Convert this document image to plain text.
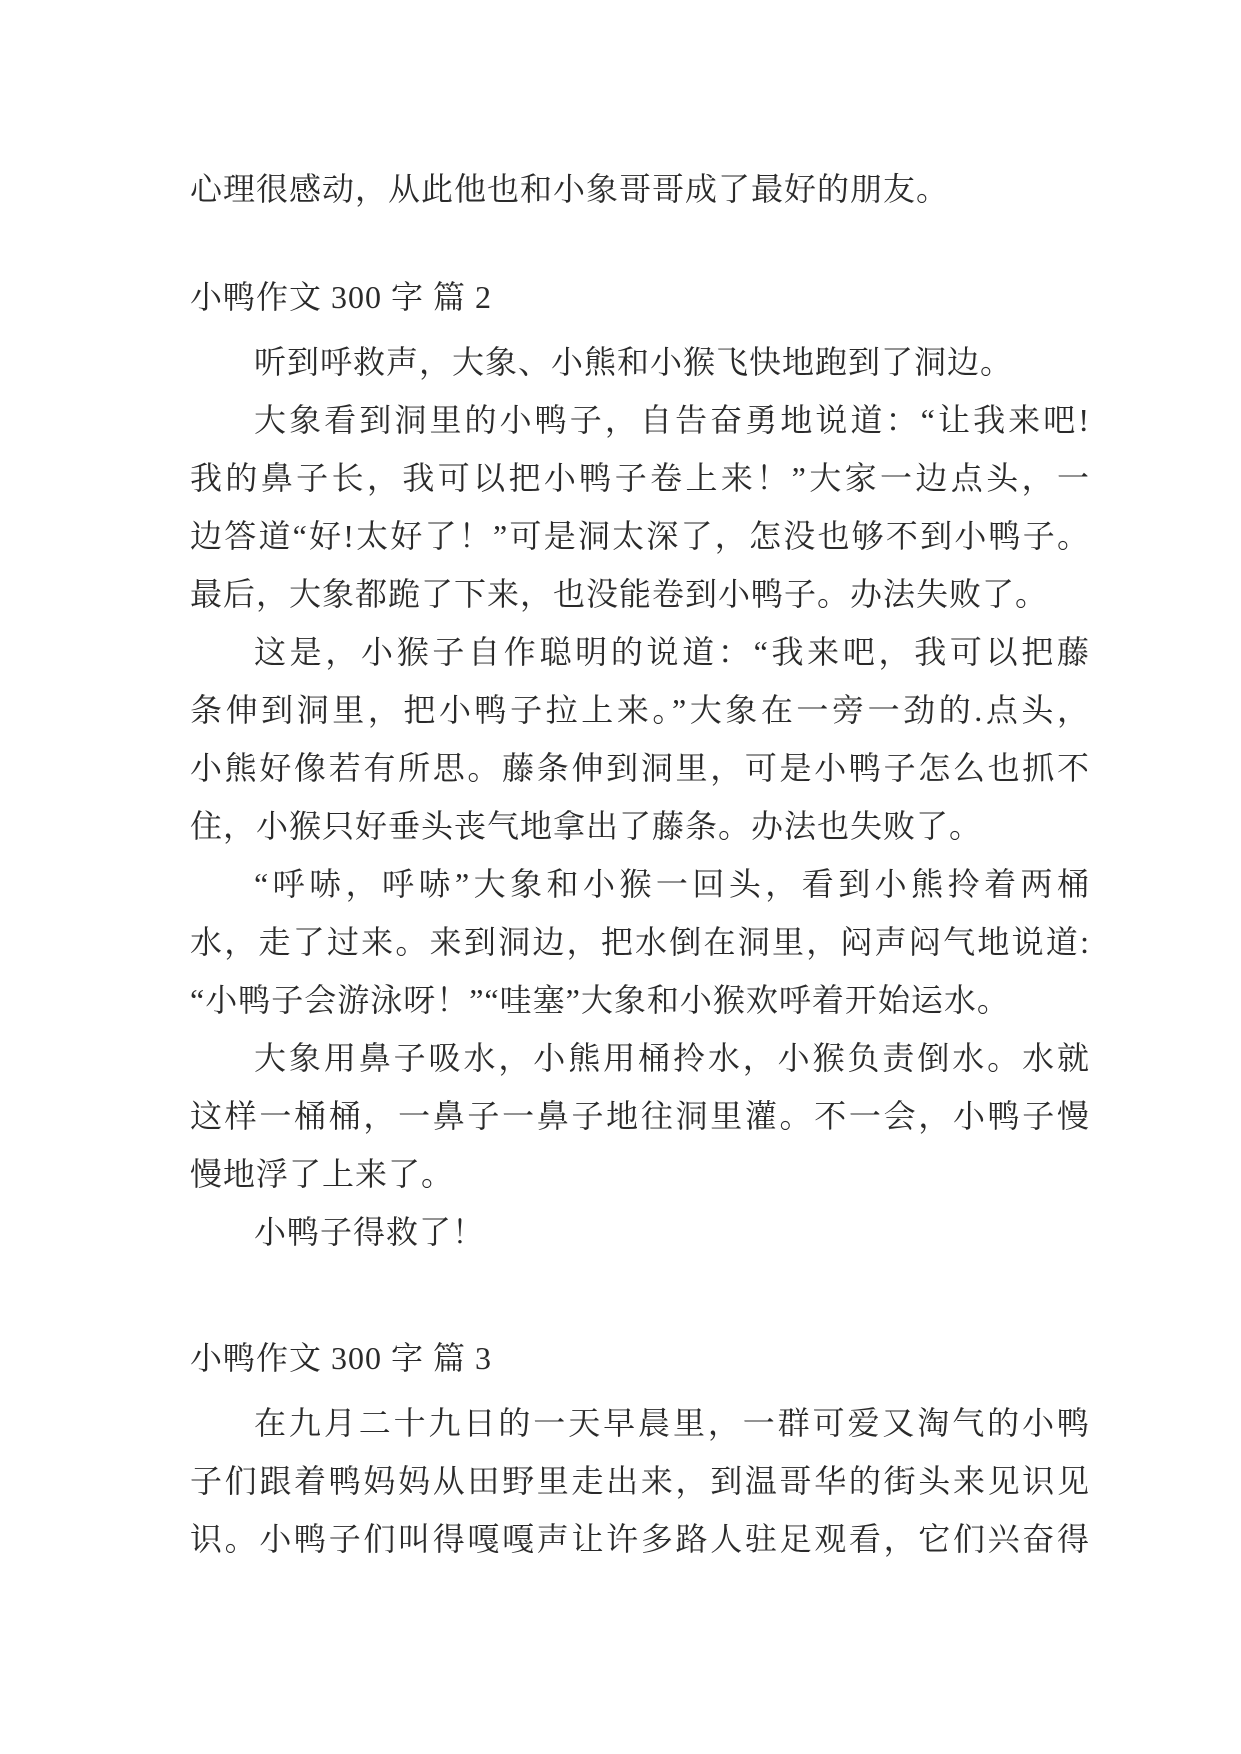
心理很感动，从此他也和小象哥哥成了最好的朋友。
小鸭作文 300 字 篇 2
听到呼救声，大象、小熊和小猴飞快地跑到了洞边。
大象看到洞里的小鸭子，自告奋勇地说道：“让我来吧!
我的鼻子长，我可以把小鸭子卷上来！”大家一边点头，一
边答道“好!太好了！”可是洞太深了，怎没也够不到小鸭子。
最后，大象都跪了下来，也没能卷到小鸭子。办法失败了。
这是，小猴子自作聪明的说道：“我来吧，我可以把藤
条伸到洞里，把小鸭子拉上来。”大象在一旁一劲的.点头，
小熊好像若有所思。藤条伸到洞里，可是小鸭子怎么也抓不
住，小猴只好垂头丧气地拿出了藤条。办法也失败了。
“呼哧，呼哧”大象和小猴一回头，看到小熊拎着两桶
水，走了过来。来到洞边，把水倒在洞里，闷声闷气地说道:
“小鸭子会游泳呀！”“哇塞”大象和小猴欢呼着开始运水。
大象用鼻子吸水，小熊用桶拎水，小猴负责倒水。水就
这样一桶桶，一鼻子一鼻子地往洞里灌。不一会，小鸭子慢
慢地浮了上来了。
小鸭子得救了！
小鸭作文 300 字 篇 3
在九月二十九日的一天早晨里，一群可爱又淘气的小鸭
子们跟着鸭妈妈从田野里走出来，到温哥华的街头来见识见
识。小鸭子们叫得嘎嘎声让许多路人驻足观看，它们兴奋得
